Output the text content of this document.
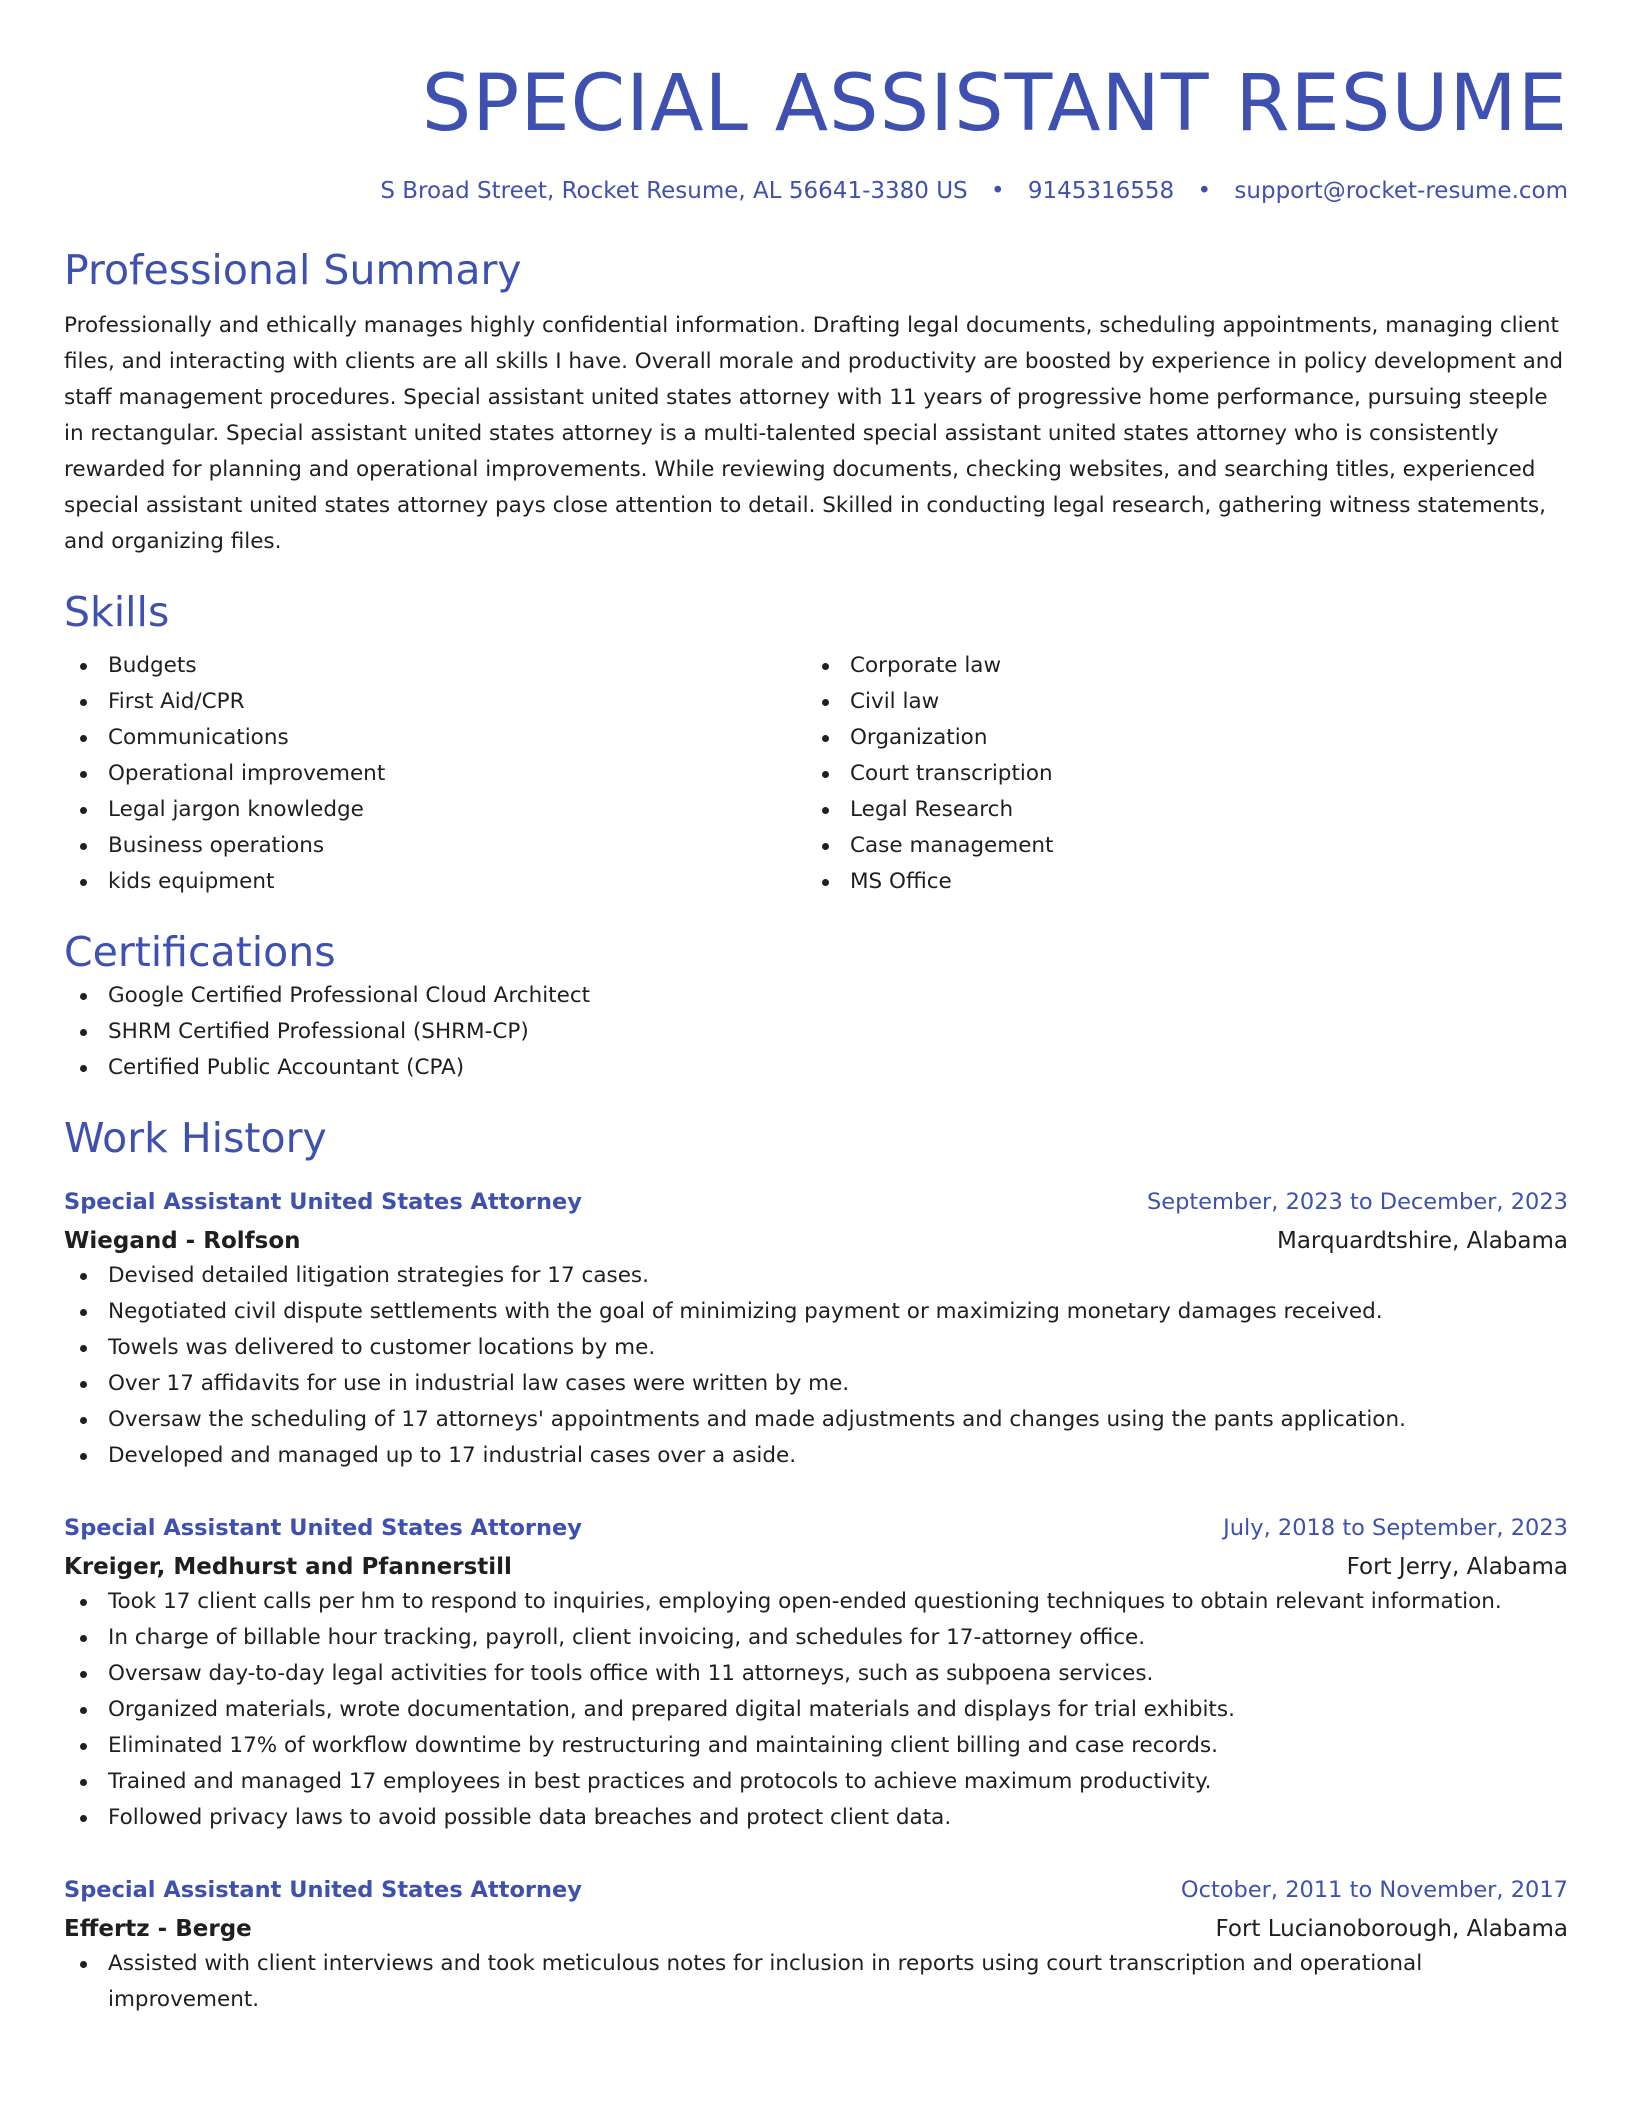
SPECIAL ASSISTANT RESUME
S Broad Street, Rocket Resume, AL 56641-3380 US • 9145316558 • support@rocket-resume.com
Professional Summary

Professionally and ethically manages highly confidential information. Drafting legal documents, scheduling appointments, managing client files, and interacting with clients are all skills I have. Overall morale and productivity are boosted by experience in policy development and staff management procedures. Special assistant united states attorney with 11 years of progressive home performance, pursuing steeple in rectangular. Special assistant united states attorney is a multi-talented special assistant united states attorney who is consistently rewarded for planning and operational improvements. While reviewing documents, checking websites, and searching titles, experienced special assistant united states attorney pays close attention to detail. Skilled in conducting legal research, gathering witness statements, and organizing files.

Skills
Budgets
First Aid/CPR
Communications
Operational improvement
Legal jargon knowledge
Business operations
kids equipment
Corporate law
Civil law
Organization
Court transcription
Legal Research
Case management
MS Office
Certifications
Google Certified Professional Cloud Architect
SHRM Certified Professional (SHRM-CP)
Certified Public Accountant (CPA)
Work History
Special Assistant United States Attorney	September, 2023 to December, 2023
Wiegand - Rolfson	Marquardtshire, Alabama
Devised detailed litigation strategies for 17 cases.
Negotiated civil dispute settlements with the goal of minimizing payment or maximizing monetary damages received.
Towels was delivered to customer locations by me.
Over 17 affidavits for use in industrial law cases were written by me.
Oversaw the scheduling of 17 attorneys' appointments and made adjustments and changes using the pants application.
Developed and managed up to 17 industrial cases over a aside.
Special Assistant United States Attorney	July, 2018 to September, 2023
Kreiger, Medhurst and Pfannerstill	Fort Jerry, Alabama
Took 17 client calls per hm to respond to inquiries, employing open-ended questioning techniques to obtain relevant information.
In charge of billable hour tracking, payroll, client invoicing, and schedules for 17-attorney office.
Oversaw day-to-day legal activities for tools office with 11 attorneys, such as subpoena services.
Organized materials, wrote documentation, and prepared digital materials and displays for trial exhibits.
Eliminated 17% of workflow downtime by restructuring and maintaining client billing and case records.
Trained and managed 17 employees in best practices and protocols to achieve maximum productivity.
Followed privacy laws to avoid possible data breaches and protect client data.
Special Assistant United States Attorney	October, 2011 to November, 2017
Effertz - Berge	Fort Lucianoborough, Alabama
Assisted with client interviews and took meticulous notes for inclusion in reports using court transcription and operational improvement.
